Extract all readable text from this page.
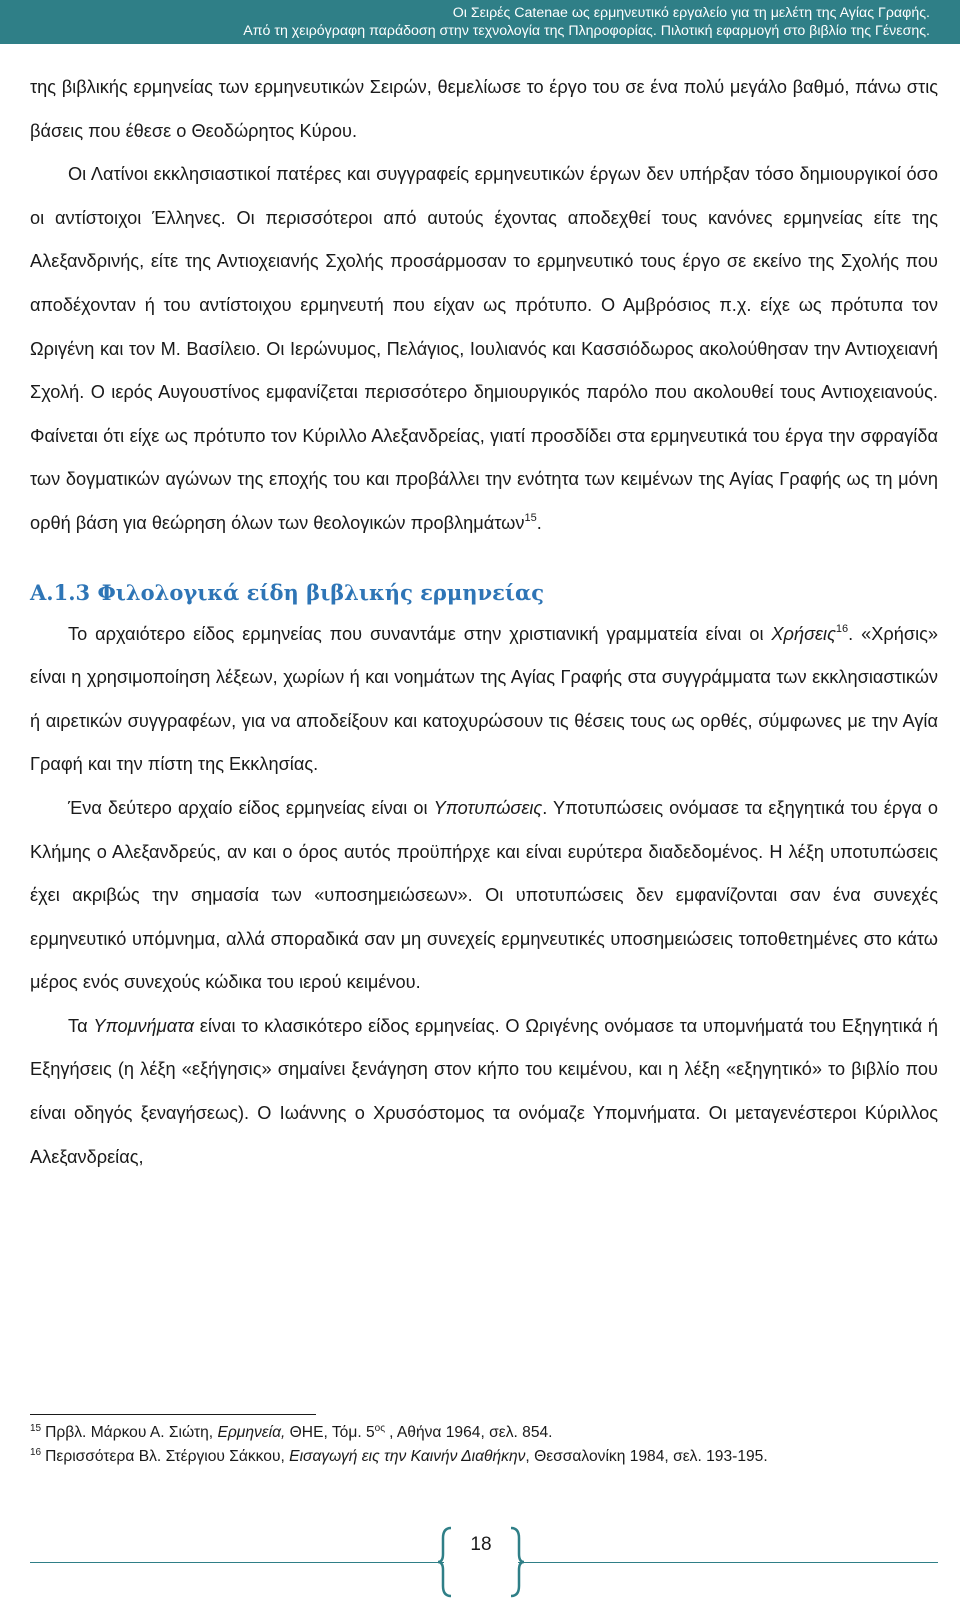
Οι Σειρές Catenae ως ερμηνευτικό εργαλείο για τη μελέτη της Αγίας Γραφής.
Από τη χειρόγραφη παράδοση στην τεχνολογία της Πληροφορίας. Πιλοτική εφαρμογή στο βιβλίο της Γένεσης.

της βιβλικής ερμηνείας των ερμηνευτικών Σειρών, θεμελίωσε το έργο του σε ένα πολύ μεγάλο βαθμό, πάνω στις βάσεις που έθεσε ο Θεοδώρητος Κύρου.

Οι Λατίνοι εκκλησιαστικοί πατέρες και συγγραφείς ερμηνευτικών έργων δεν υπήρξαν τόσο δημιουργικοί όσο οι αντίστοιχοι Έλληνες. Οι περισσότεροι από αυτούς έχοντας αποδεχθεί τους κανόνες ερμηνείας είτε της Αλεξανδρινής, είτε της Αντιοχειανής Σχολής προσάρμοσαν το ερμηνευτικό τους έργο σε εκείνο της Σχολής που αποδέχονταν ή του αντίστοιχου ερμηνευτή που είχαν ως πρότυπο. Ο Αμβρόσιος π.χ. είχε ως πρότυπα τον Ωριγένη και τον Μ. Βασίλειο. Οι Ιερώνυμος, Πελάγιος, Ιουλιανός και Κασσιόδωρος ακολούθησαν την Αντιοχειανή Σχολή. Ο ιερός Αυγουστίνος εμφανίζεται περισσότερο δημιουργικός παρόλο που ακολουθεί τους Αντιοχειανούς. Φαίνεται ότι είχε ως πρότυπο τον Κύριλλο Αλεξανδρείας, γιατί προσδίδει στα ερμηνευτικά του έργα την σφραγίδα των δογματικών αγώνων της εποχής του και προβάλλει την ενότητα των κειμένων της Αγίας Γραφής ως τη μόνη ορθή βάση για θεώρηση όλων των θεολογικών προβλημάτων$^{15}$.

Α.1.3 Φιλολογικά είδη βιβλικής ερμηνείας

Το αρχαιότερο είδος ερμηνείας που συναντάμε στην χριστιανική γραμματεία είναι οι Χρήσεις$^{16}$. «Χρήσις» είναι η χρησιμοποίηση λέξεων, χωρίων ή και νοημάτων της Αγίας Γραφής στα συγγράμματα των εκκλησιαστικών ή αιρετικών συγγραφέων, για να αποδείξουν και κατοχυρώσουν τις θέσεις τους ως ορθές, σύμφωνες με την Αγία Γραφή και την πίστη της Εκκλησίας.

Ένα δεύτερο αρχαίο είδος ερμηνείας είναι οι Υποτυπώσεις. Υποτυπώσεις ονόμασε τα εξηγητικά του έργα ο Κλήμης ο Αλεξανδρεύς, αν και ο όρος αυτός προϋπήρχε και είναι ευρύτερα διαδεδομένος. Η λέξη υποτυπώσεις έχει ακριβώς την σημασία των «υποσημειώσεων». Οι υποτυπώσεις δεν εμφανίζονται σαν ένα συνεχές ερμηνευτικό υπόμνημα, αλλά σποραδικά σαν μη συνεχείς ερμηνευτικές υποσημειώσεις τοποθετημένες στο κάτω μέρος ενός συνεχούς κώδικα του ιερού κειμένου.

Τα Υπομνήματα είναι το κλασικότερο είδος ερμηνείας. Ο Ωριγένης ονόμασε τα υπομνήματά του Εξηγητικά ή Εξηγήσεις (η λέξη «εξήγησις» σημαίνει ξενάγηση στον κήπο του κειμένου, και η λέξη «εξηγητικό» το βιβλίο που είναι οδηγός ξεναγήσεως). Ο Ιωάννης ο Χρυσόστομος τα ονόμαζε Υπομνήματα. Οι μεταγενέστεροι Κύριλλος Αλεξανδρείας,

$^{15}$ Πρβλ. Μάρκου Α. Σιώτη, Ερμηνεία, ΘΗΕ, Τόμ. $5^{o\varsigma}$ , Αθήνα 1964, σελ. 854.
$^{16}$ Περισσότερα Βλ. Στέργιου Σάκκου, Εισαγωγή εις την Καινήν Διαθήκην, Θεσσαλονίκη 1984, σελ. 193-195.
18
